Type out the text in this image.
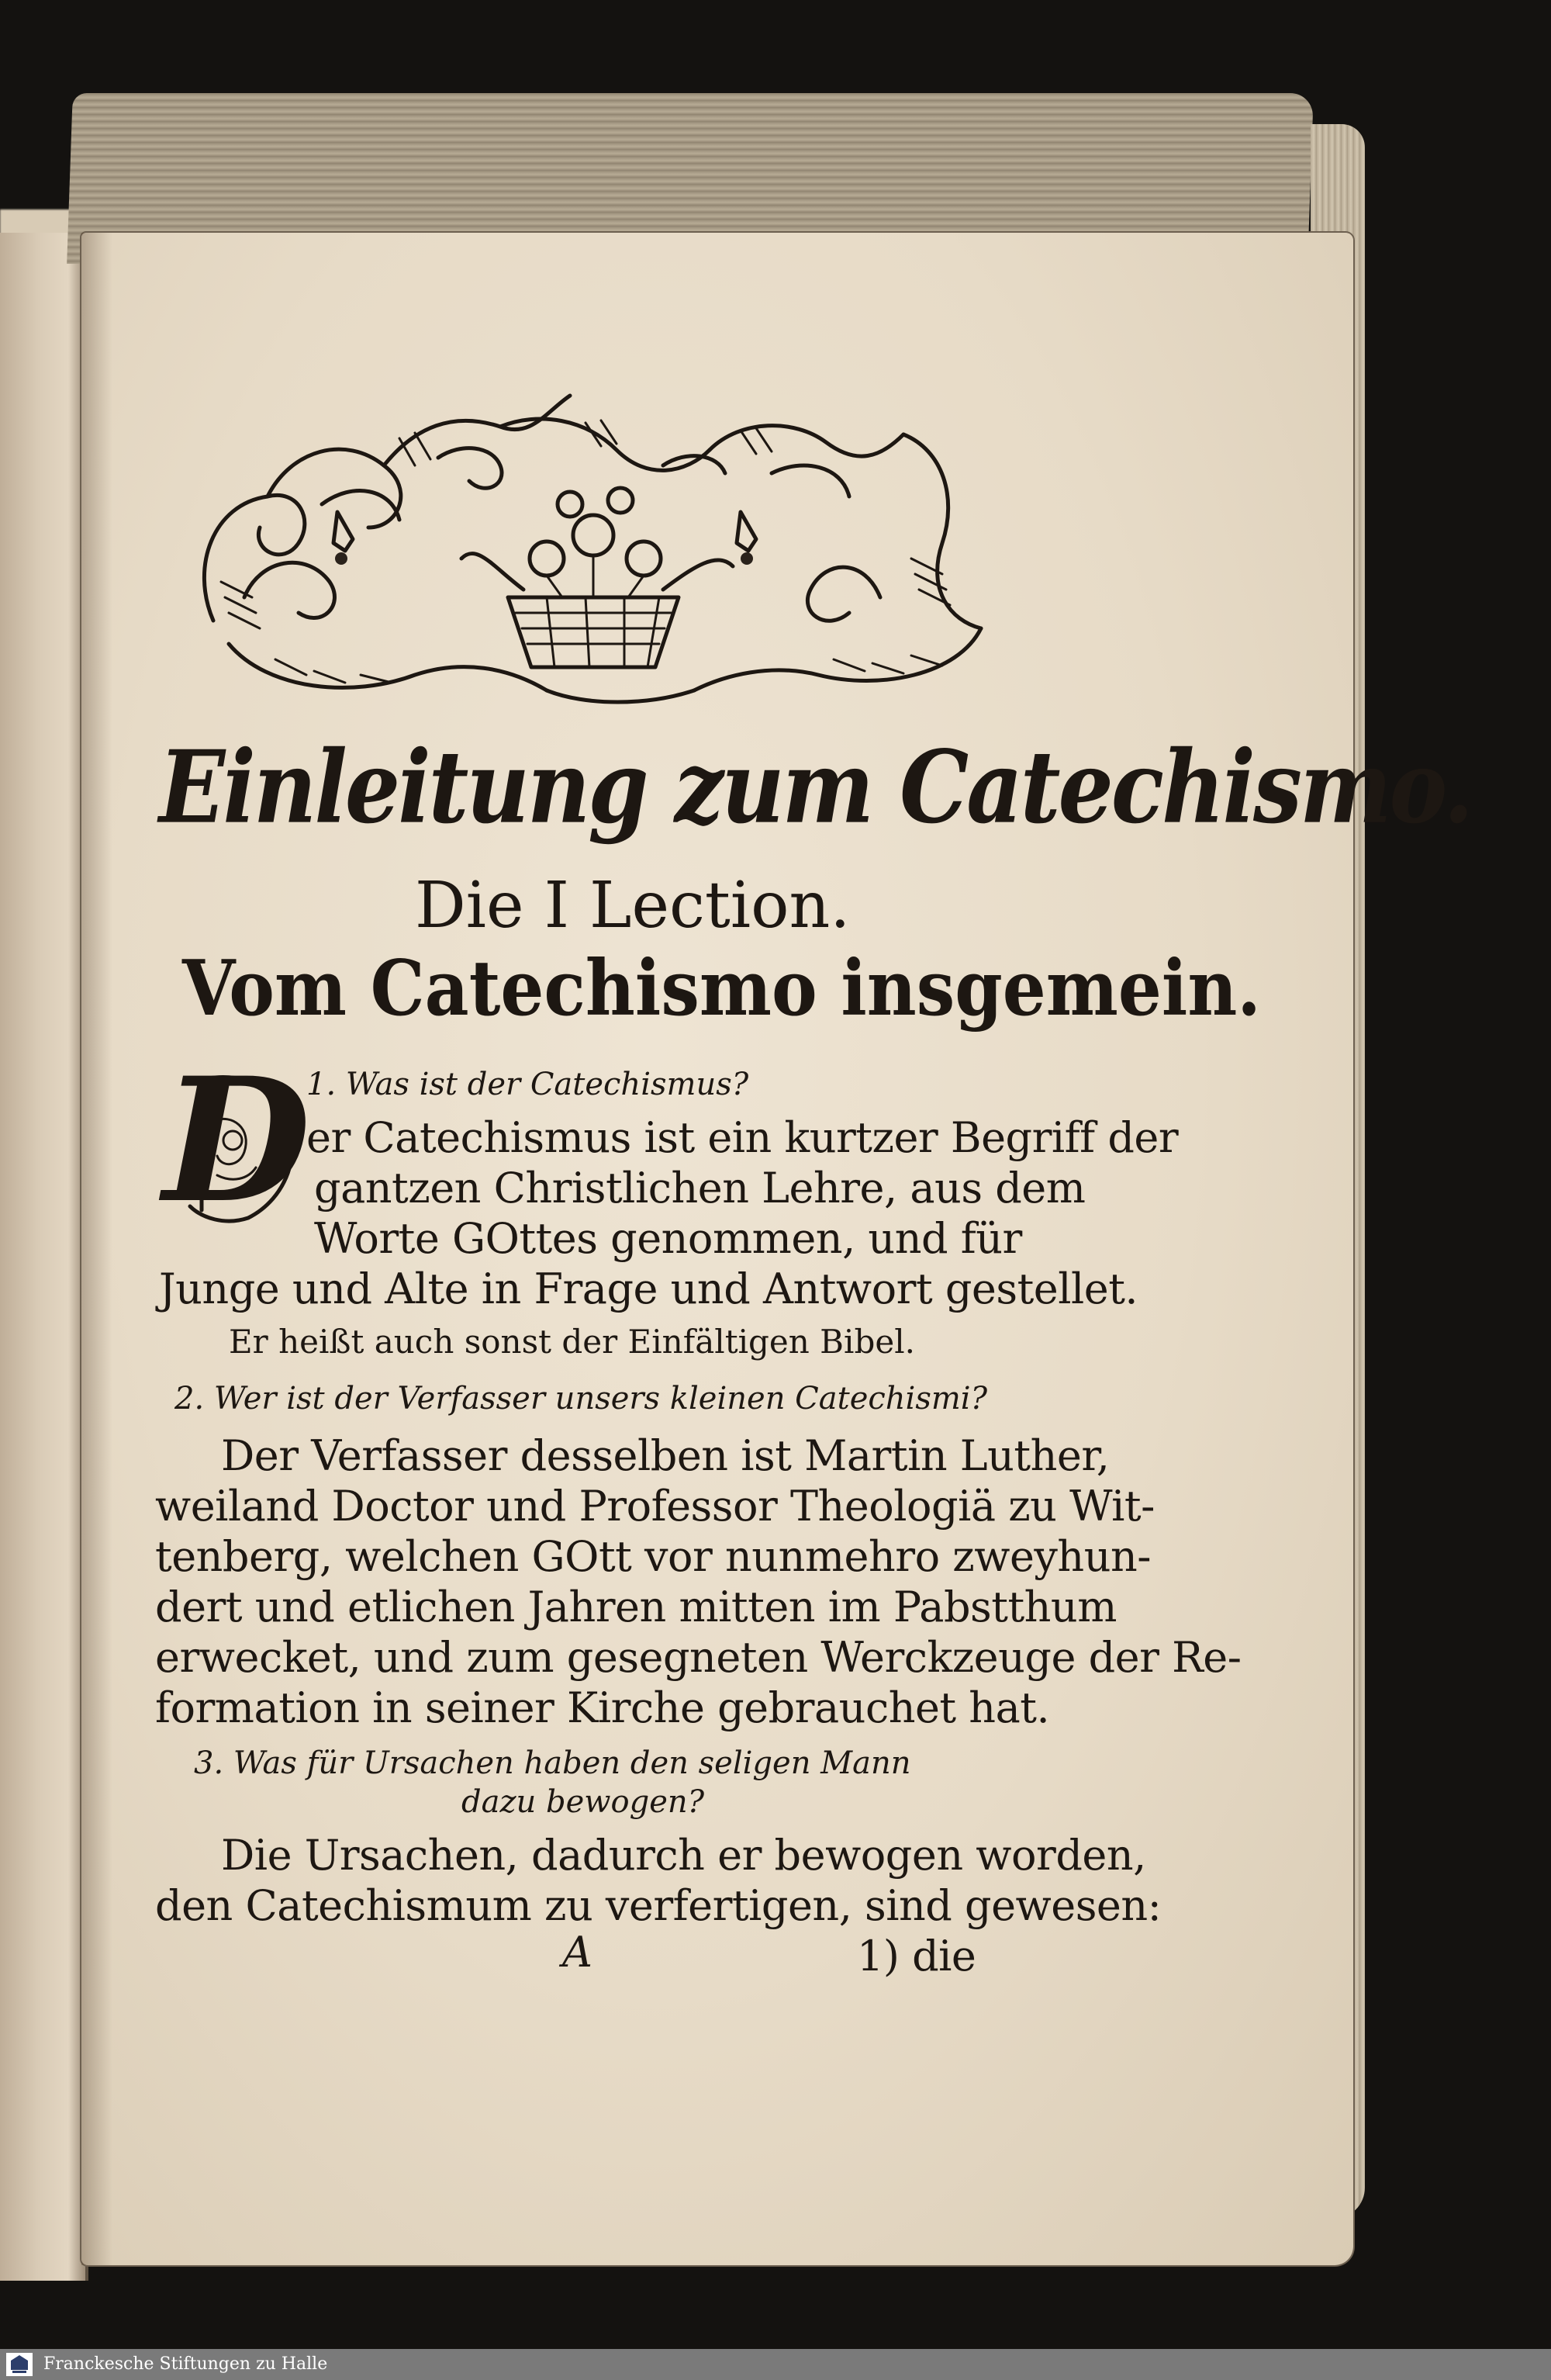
Einleitung zum Catechismo.
Die I Lection.
Vom Catechismo insgemein.
1. Was ist der Catechismus?
D
er Catechismus ist ein kurtzer Begriff der
gantzen Christlichen Lehre, aus dem
Worte GOttes genommen, und für
Junge und Alte in Frage und Antwort gestellet.
Er heißt auch sonst der Einfältigen Bibel.
2. Wer ist der Verfasser unsers kleinen Catechismi?
Der Verfasser desselben ist Martin Luther,
weiland Doctor und Professor Theologiä zu Wit-
tenberg, welchen GOtt vor nunmehro zweyhun-
dert und etlichen Jahren mitten im Pabstthum
erwecket, und zum gesegneten Werckzeuge der Re-
formation in seiner Kirche gebrauchet hat.
3. Was für Ursachen haben den seligen Mann
dazu bewogen?
Die Ursachen, dadurch er bewogen worden,
den Catechismum zu verfertigen, sind gewesen:
A	1) die
Franckesche Stiftungen zu Halle
